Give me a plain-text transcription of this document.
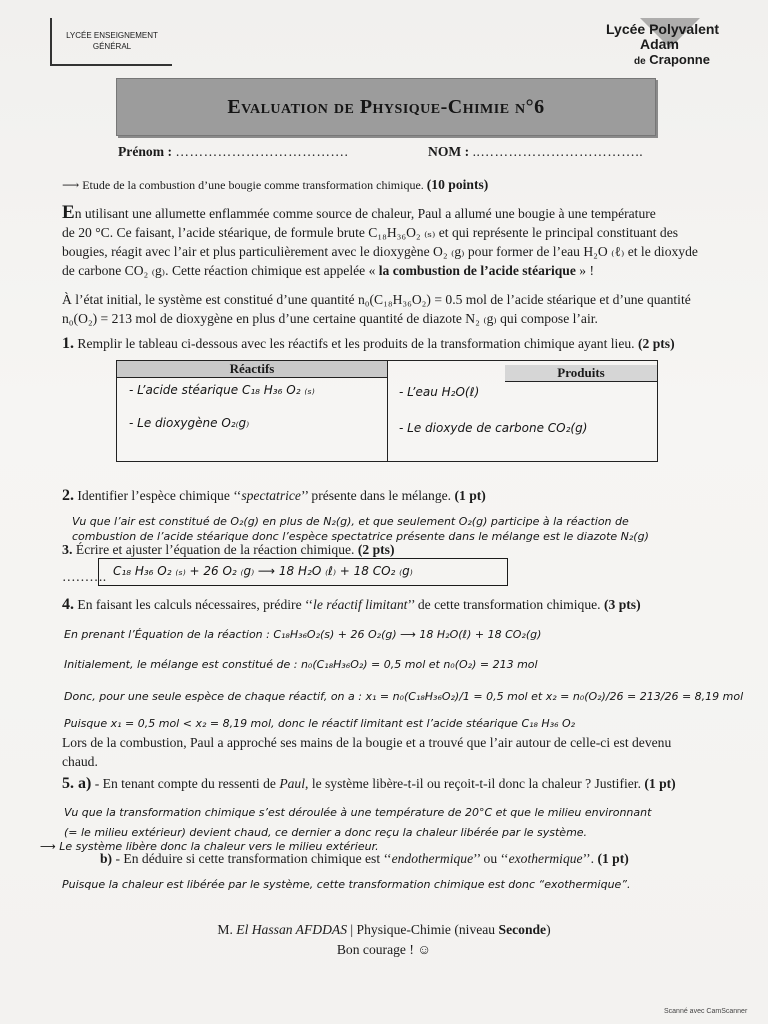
LYCÉE ENSEIGNEMENT
GÉNÉRAL
Lycée Polyvalent
Adam
de Craponne
Evaluation de Physique-Chimie n°6
Prénom : ……………………………….	NOM : ..……………………………..
⟶ Etude de la combustion d’une bougie comme transformation chimique. (10 points)
En utilisant une allumette enflammée comme source de chaleur, Paul a allumé une bougie à une température
de 20 °C. Ce faisant, l’acide stéarique, de formule brute C₁₈H₃₆O₂ ₍ₛ₎ et qui représente le principal constituant des
bougies, réagit avec l’air et plus particulièrement avec le dioxygène O₂ ₍g₎ pour former de l’eau H₂O ₍ℓ₎ et le dioxyde
de carbone CO₂ ₍g₎. Cette réaction chimique est appelée « la combustion de l’acide stéarique » !
À l’état initial, le système est constitué d’une quantité n₀(C₁₈H₃₆O₂) = 0.5 mol de l’acide stéarique et d’une quantité
n₀(O₂) = 213 mol de dioxygène en plus d’une certaine quantité de diazote N₂ ₍g₎ qui compose l’air.
1. Remplir le tableau ci-dessous avec les réactifs et les produits de la transformation chimique ayant lieu. (2 pts)
Réactifs	Produits
- L’acide stéarique C₁₈ H₃₆ O₂ ₍ₛ₎
- Le dioxygène O₂₍g₎
- L’eau H₂O(ℓ)
- Le dioxyde de carbone CO₂(g)
2. Identifier l’espèce chimique ‘‘spectatrice’’ présente dans le mélange. (1 pt)
Vu que l’air est constitué de O₂(g) en plus de N₂(g), et que seulement O₂(g) participe à la réaction de
combustion de l’acide stéarique donc l’espèce spectatrice présente dans le mélange est le diazote N₂(g)
3. Écrire et ajuster l’équation de la réaction chimique. (2 pts)
………. C₁₈ H₃₆ O₂ ₍ₛ₎ + 26 O₂ ₍g₎ ⟶ 18 H₂O ₍ℓ₎ + 18 CO₂ ₍g₎
4. En faisant les calculs nécessaires, prédire ‘‘le réactif limitant’’ de cette transformation chimique. (3 pts)
En prenant l’Équation de la réaction : C₁₈H₃₆O₂(s) + 26 O₂(g) ⟶ 18 H₂O(ℓ) + 18 CO₂(g)
Initialement, le mélange est constitué de : n₀(C₁₈H₃₆O₂) = 0,5 mol et n₀(O₂) = 213 mol
Donc, pour une seule espèce de chaque réactif, on a : x₁ = n₀(C₁₈H₃₆O₂)/1 = 0,5 mol et x₂ = n₀(O₂)/26 = 213/26 = 8,19 mol
Puisque x₁ = 0,5 mol < x₂ = 8,19 mol, donc le réactif limitant est l’acide stéarique C₁₈ H₃₆ O₂
Lors de la combustion, Paul a approché ses mains de la bougie et a trouvé que l’air autour de celle-ci est devenu
chaud.
5. a) - En tenant compte du ressenti de Paul, le système libère-t-il ou reçoit-t-il donc la chaleur ? Justifier. (1 pt)
Vu que la transformation chimique s’est déroulée à une température de 20°C et que le milieu environnant
(= le milieu extérieur) devient chaud, ce dernier a donc reçu la chaleur libérée par le système.
⟶ Le système libère donc la chaleur vers le milieu extérieur.
b) - En déduire si cette transformation chimique est ‘‘endothermique’’ ou ‘‘exothermique’’. (1 pt)
Puisque la chaleur est libérée par le système, cette transformation chimique est donc “exothermique”.
M. El Hassan AFDDAS | Physique-Chimie (niveau Seconde)
Bon courage ! ☺
Scanné avec CamScanner
